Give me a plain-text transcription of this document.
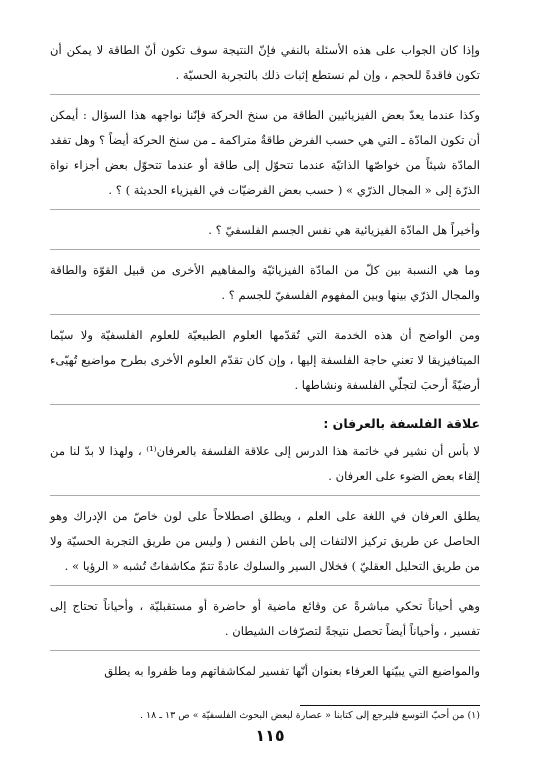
وإذا كان الجواب على هذه الأسئلة بالنفي فإنّ النتيجة سوف تكون أنّ الطاقة لا يمكن أن تكون فاقدةً للحجم ، وإن لم نستطع إثبات ذلك بالتجربة الحسيّة .

وكذا عندما يعدّ بعض الفيزيائيين الطاقة من سنخ الحركة فإنّنا نواجهه هذا السؤال : أيمكن أن تكون المادّة ـ التي هي حسب الفرض طاقةٌ متراكمة ـ من سنخ الحركة أيضاً ؟ وهل تفقد المادّة شيئاً من خواصّها الذاتيّة عندما تتحوّل إلى طاقة أو عندما تتحوّل بعض أجزاء نواة الذرّة إلى « المجال الذرّي » ( حسب بعض الفرضيّات في الفيزياء الحديثة ) ؟ .

وأخيراً هل المادّة الفيزيائية هي نفس الجسم الفلسفيّ ؟ .

وما هي النسبة بين كلّ من المادّة الفيزيائيّة والمفاهيم الأخرى من قبيل القوّة والطاقة والمجال الذرّي بينها وبين المفهوم الفلسفيّ للجسم ؟ .

ومن الواضح أن هذه الخدمة التي تُقدّمها العلوم الطبيعيّة للعلوم الفلسفيّة ولا سيّما الميتافيزيقا لا تعني حاجة الفلسفة إليها ، وإن كان تقدّم العلوم الأخرى بطرح مواضيع تُهيّىء أرضيّةً أرحبَ لتجلّي الفلسفة ونشاطها .

علاقة الفلسفة بالعرفان :

لا بأس أن نشير في خاتمة هذا الدرس إلى علاقة الفلسفة بالعرفان⁽¹⁾ ، ولهذا لا بدّ لنا من إلقاء بعض الضوء على العرفان .

يطلق العرفان في اللغة على العلم ، ويطلق اصطلاحاً على لون خاصّ من الإدراك وهو الحاصل عن طريق تركيز الالتفات إلى باطن النفس ( وليس من طريق التجربة الحسيّة ولا من طريق التحليل العقليّ ) فخلال السير والسلوك عادةً تتمّ مكاشفاتٌ تُشبه « الرؤيا » .

وهي أحياناً تحكي مباشرةً عن وقائع ماضية أو حاضرة أو مستقبليّة ، وأحياناً تحتاج إلى تفسير ، وأحياناً أيضاً تحصل نتيجةً لتصرّفات الشيطان .

والمواضيع التي يبيّنها العرفاء بعنوان أنّها تفسير لمكاشفاتهم وما ظفروا به يطلق

(١) من أحبّ التوسع فليرجع إلى كتابنا « عصارة لبعض البحوث الفلسفيّة » ص ١٣ ـ ١٨ .
١١٥
